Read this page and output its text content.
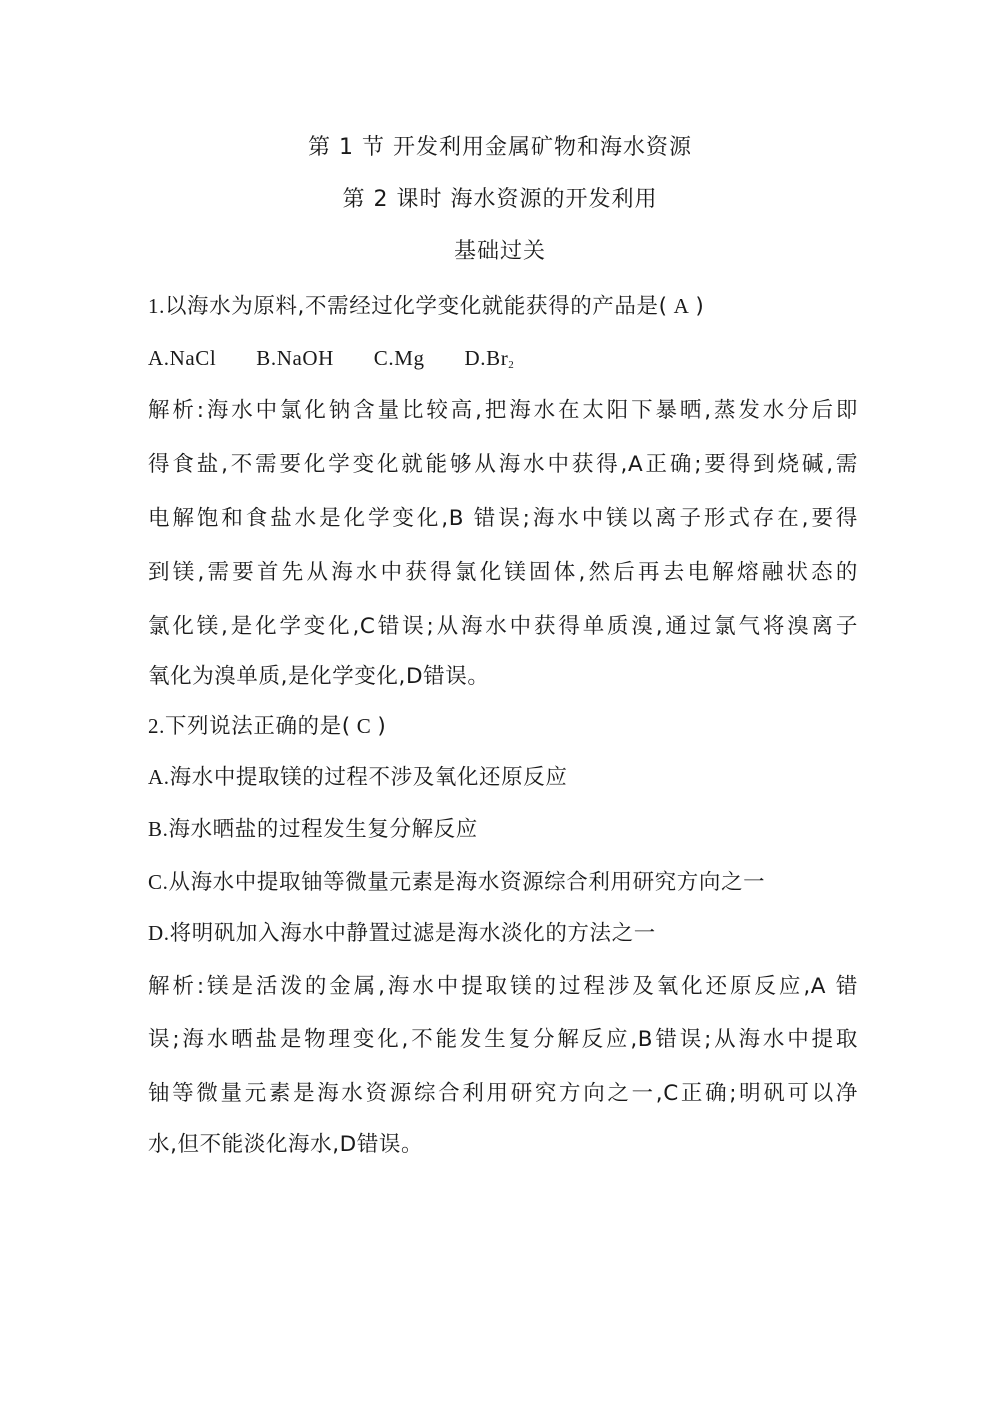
第 1 节 开发利用金属矿物和海水资源
第 2 课时 海水资源的开发利用
基础过关
1.以海水为原料,不需经过化学变化就能获得的产品是( A )
A.NaCl B.NaOH C.Mg $D.Br_2$
解析:海水中氯化钠含量比较高,把海水在太阳下暴晒,蒸发水分后即
得食盐,不需要化学变化就能够从海水中获得,A正确;要得到烧碱,需
电解饱和食盐水是化学变化,B 错误;海水中镁以离子形式存在,要得
到镁,需要首先从海水中获得氯化镁固体,然后再去电解熔融状态的
氯化镁,是化学变化,C错误;从海水中获得单质溴,通过氯气将溴离子
氧化为溴单质,是化学变化,D错误。
2.下列说法正确的是( C )
A.海水中提取镁的过程不涉及氧化还原反应
B.海水晒盐的过程发生复分解反应
C.从海水中提取铀等微量元素是海水资源综合利用研究方向之一
D.将明矾加入海水中静置过滤是海水淡化的方法之一
解析:镁是活泼的金属,海水中提取镁的过程涉及氧化还原反应,A 错
误;海水晒盐是物理变化,不能发生复分解反应,B错误;从海水中提取
铀等微量元素是海水资源综合利用研究方向之一,C正确;明矾可以净
水,但不能淡化海水,D错误。
